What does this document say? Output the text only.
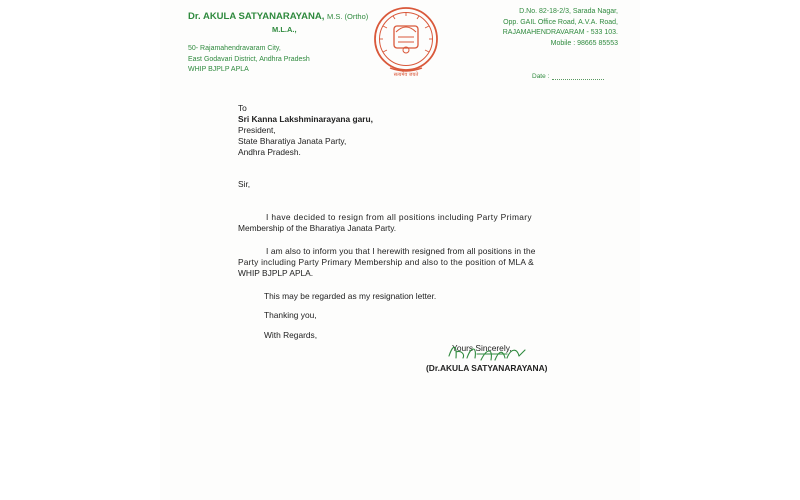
Dr. AKULA SATYANARAYANA, M.S. (Ortho)
M.L.A.,
50- Rajamahendravaram City,
East Godavari District, Andhra Pradesh
WHIP BJPLP APLA
D.No. 82-18-2/3, Sarada Nagar,
Opp. GAIL Office Road, A.V.A. Road,
RAJAMAHENDRAVARAM - 533 103.
Mobile : 98665 85553
Date :
सत्यमेव जयते
To
Sri Kanna Lakshminarayana garu,
President,
State Bharatiya Janata Party,
Andhra Pradesh.
Sir,
I have decided to resign from all positions including Party Primary
Membership of the Bharatiya Janata Party.
I am also to inform you that I herewith resigned from all positions in the
Party including Party Primary Membership and also to the position of MLA &
WHIP BJPLP APLA.
This may be regarded as my resignation letter.
Thanking you,
With Regards,
Yours Sincerely,
(Dr.AKULA SATYANARAYANA)
